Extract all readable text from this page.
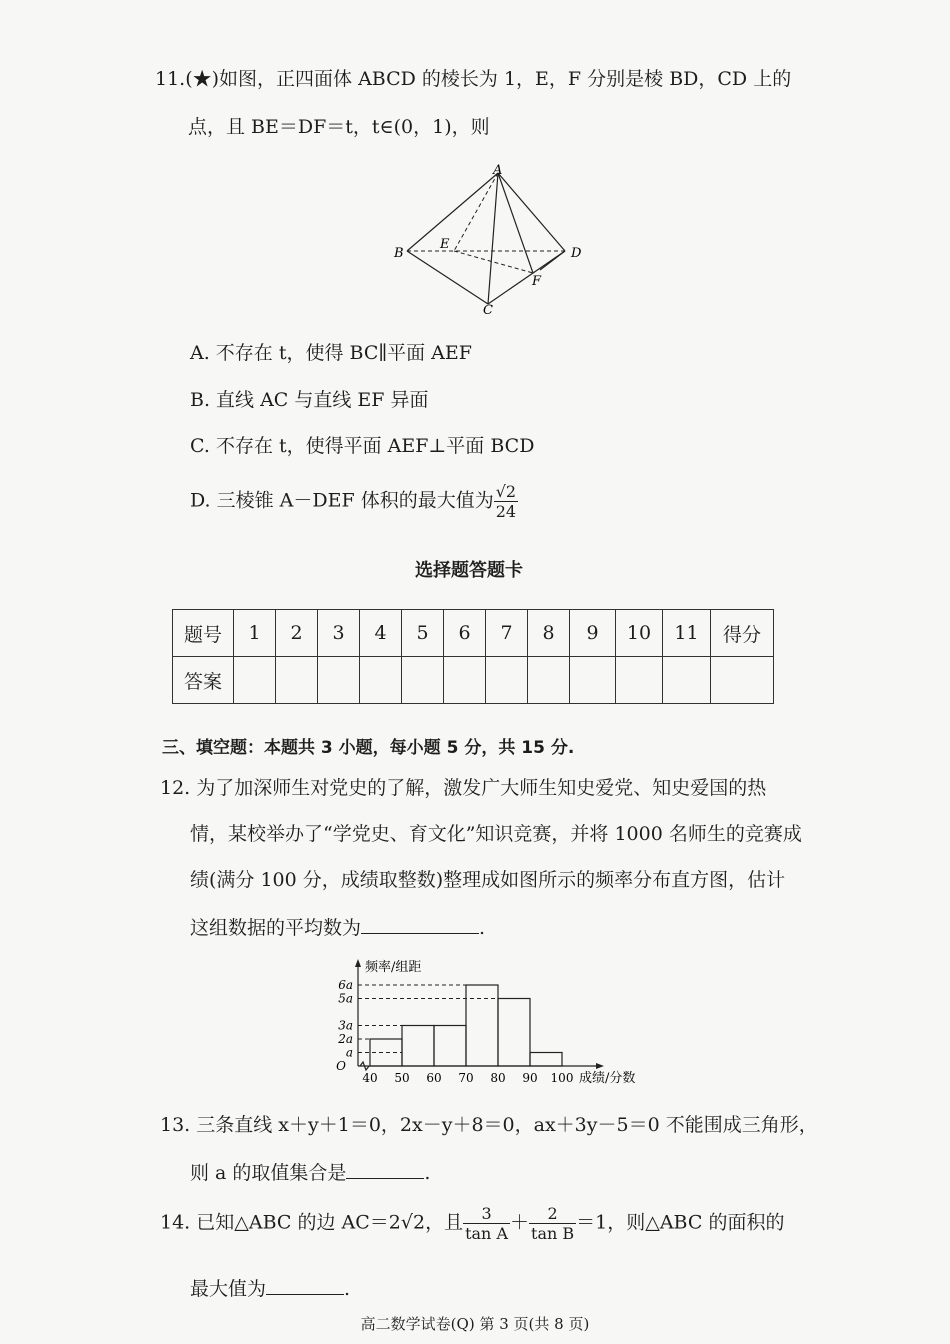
11.(★)如图，正四面体 ABCD 的棱长为 1，E，F 分别是棱 BD，CD 上的
点，且 BE＝DF＝t，t∈(0，1)，则
A
B
C
D
E
F
A. 不存在 t，使得 BC∥平面 AEF
B. 直线 AC 与直线 EF 异面
C. 不存在 t，使得平面 AEF⊥平面 BCD
D. 三棱锥 A－DEF 体积的最大值为 $\frac{√2}{24}$
选择题答题卡
题号	1	2	3	4	5	6	7	8	9	10	11	得分
答案												
三、填空题：本题共 3 小题，每小题 5 分，共 15 分.
12. 为了加深师生对党史的了解，激发广大师生知史爱党、知史爱国的热
情，某校举办了“学党史、育文化”知识竞赛，并将 1000 名师生的竞赛成
绩(满分 100 分，成绩取整数)整理成如图所示的频率分布直方图，估计
这组数据的平均数为	.
a
2a
3a
5a
6a
O
40 50 60 70 80 90 100
频率/组距
成绩/分数
13. 三条直线 x＋y＋1＝0，2x－y＋8＝0，ax＋3y－5＝0 不能围成三角形，
则 a 的取值集合是	.
14. 已知△ABC 的边 AC＝2√2，且 $\frac{3}{\text{tan A}} + \frac{2}{\text{tan B}} =1$，则△ABC 的面积的
最大值为	.
高二数学试卷(Q) 第 3 页(共 8 页)
